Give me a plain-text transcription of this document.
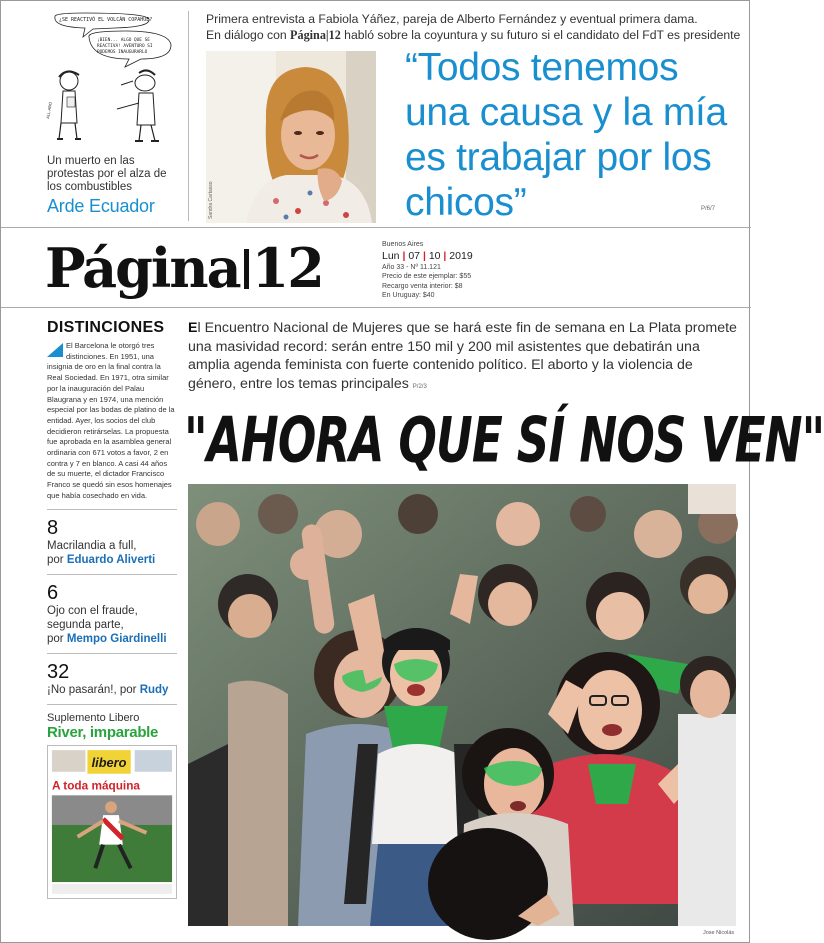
¿SE REACTIVÓ EL VOLCÁN COPAHUE?
¡BIEN... ALGO QUE SE REACTIVA! AVENTURO SI PODEMOS INAUGURARLO
ALL-ABO
Un muerto en las protestas por el alza de los combustibles
Arde Ecuador
Primera entrevista a Fabiola Yáñez, pareja de Alberto Fernández y eventual primera dama.
En diálogo con Página|12 habló sobre la coyuntura y su futuro si el candidato del FdT es presidente
Sandra Cartasso
“Todos tenemos una causa y la mía es trabajar por los chicos”	P/6/7
Página 12	Buenos Aires
Lun | 07 | 10 | 2019
Año 33 - Nº 11.121
Precio de este ejemplar: $55
Recargo venta interior: $8
En Uruguay: $40
DISTINCIONES
El Barcelona le otorgó tres distinciones. En 1951, una insignia de oro en la final contra la Real Sociedad. En 1971, otra similar por la inauguración del Palau Blaugrana y en 1974, una mención especial por las bodas de platino de la entidad. Ayer, los socios del club decidieron retirárselas. La propuesta fue aprobada en la asamblea general ordinaria con 671 votos a favor, 2 en contra y 7 en blanco. A casi 44 años de su muerte, el dictador Francisco Franco se quedó sin esos homenajes que había cosechado en vida.
8
Macrilandia a full,
por Eduardo Aliverti
6
Ojo con el fraude, segunda parte,
por Mempo Giardinelli
32
¡No pasarán!, por Rudy
Suplemento Libero
River, imparable
libero
A toda máquina
El Encuentro Nacional de Mujeres que se hará este fin de semana en La Plata promete una masividad record: serán entre 150 mil y 200 mil asistentes que debatirán una amplia agenda feminista con fuerte contenido político. El aborto y la violencia de género, entre los temas principales P/2/3
"AHORA QUE SÍ NOS VEN"
Jose Nicolás
